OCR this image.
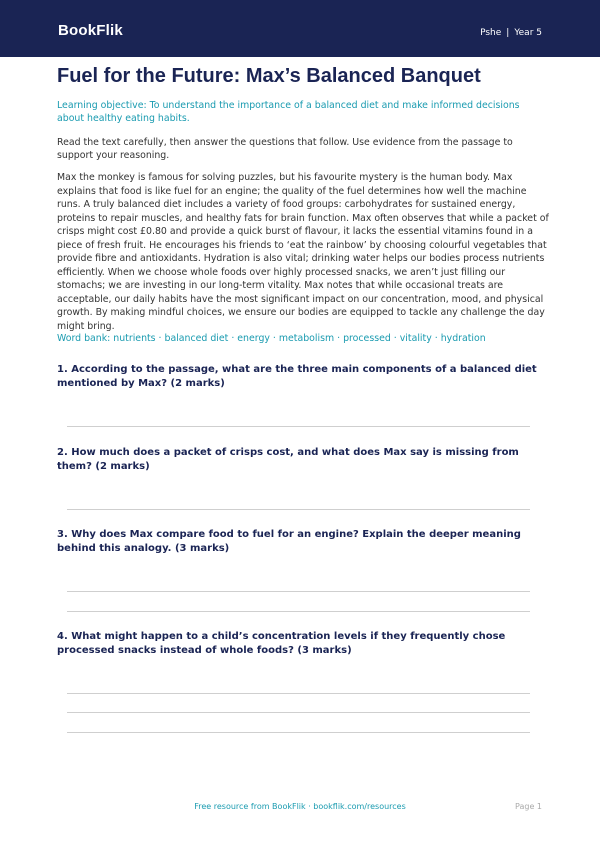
BookFlik	Pshe | Year 5
Fuel for the Future: Max’s Balanced Banquet
Learning objective: To understand the importance of a balanced diet and make informed decisions about healthy eating habits.
Read the text carefully, then answer the questions that follow. Use evidence from the passage to support your reasoning.
Max the monkey is famous for solving puzzles, but his favourite mystery is the human body. Max explains that food is like fuel for an engine; the quality of the fuel determines how well the machine runs. A truly balanced diet includes a variety of food groups: carbohydrates for sustained energy, proteins to repair muscles, and healthy fats for brain function. Max often observes that while a packet of crisps might cost £0.80 and provide a quick burst of flavour, it lacks the essential vitamins found in a piece of fresh fruit. He encourages his friends to ‘eat the rainbow’ by choosing colourful vegetables that provide fibre and antioxidants. Hydration is also vital; drinking water helps our bodies process nutrients efficiently. When we choose whole foods over highly processed snacks, we aren’t just filling our stomachs; we are investing in our long-term vitality. Max notes that while occasional treats are acceptable, our daily habits have the most significant impact on our concentration, mood, and physical growth. By making mindful choices, we ensure our bodies are equipped to tackle any challenge the day might bring.
Word bank: nutrients · balanced diet · energy · metabolism · processed · vitality · hydration
1. According to the passage, what are the three main components of a balanced diet mentioned by Max? (2 marks)
2. How much does a packet of crisps cost, and what does Max say is missing from them? (2 marks)
3. Why does Max compare food to fuel for an engine? Explain the deeper meaning behind this analogy. (3 marks)
4. What might happen to a child’s concentration levels if they frequently chose processed snacks instead of whole foods? (3 marks)
Free resource from BookFlik · bookflik.com/resources	Page 1
